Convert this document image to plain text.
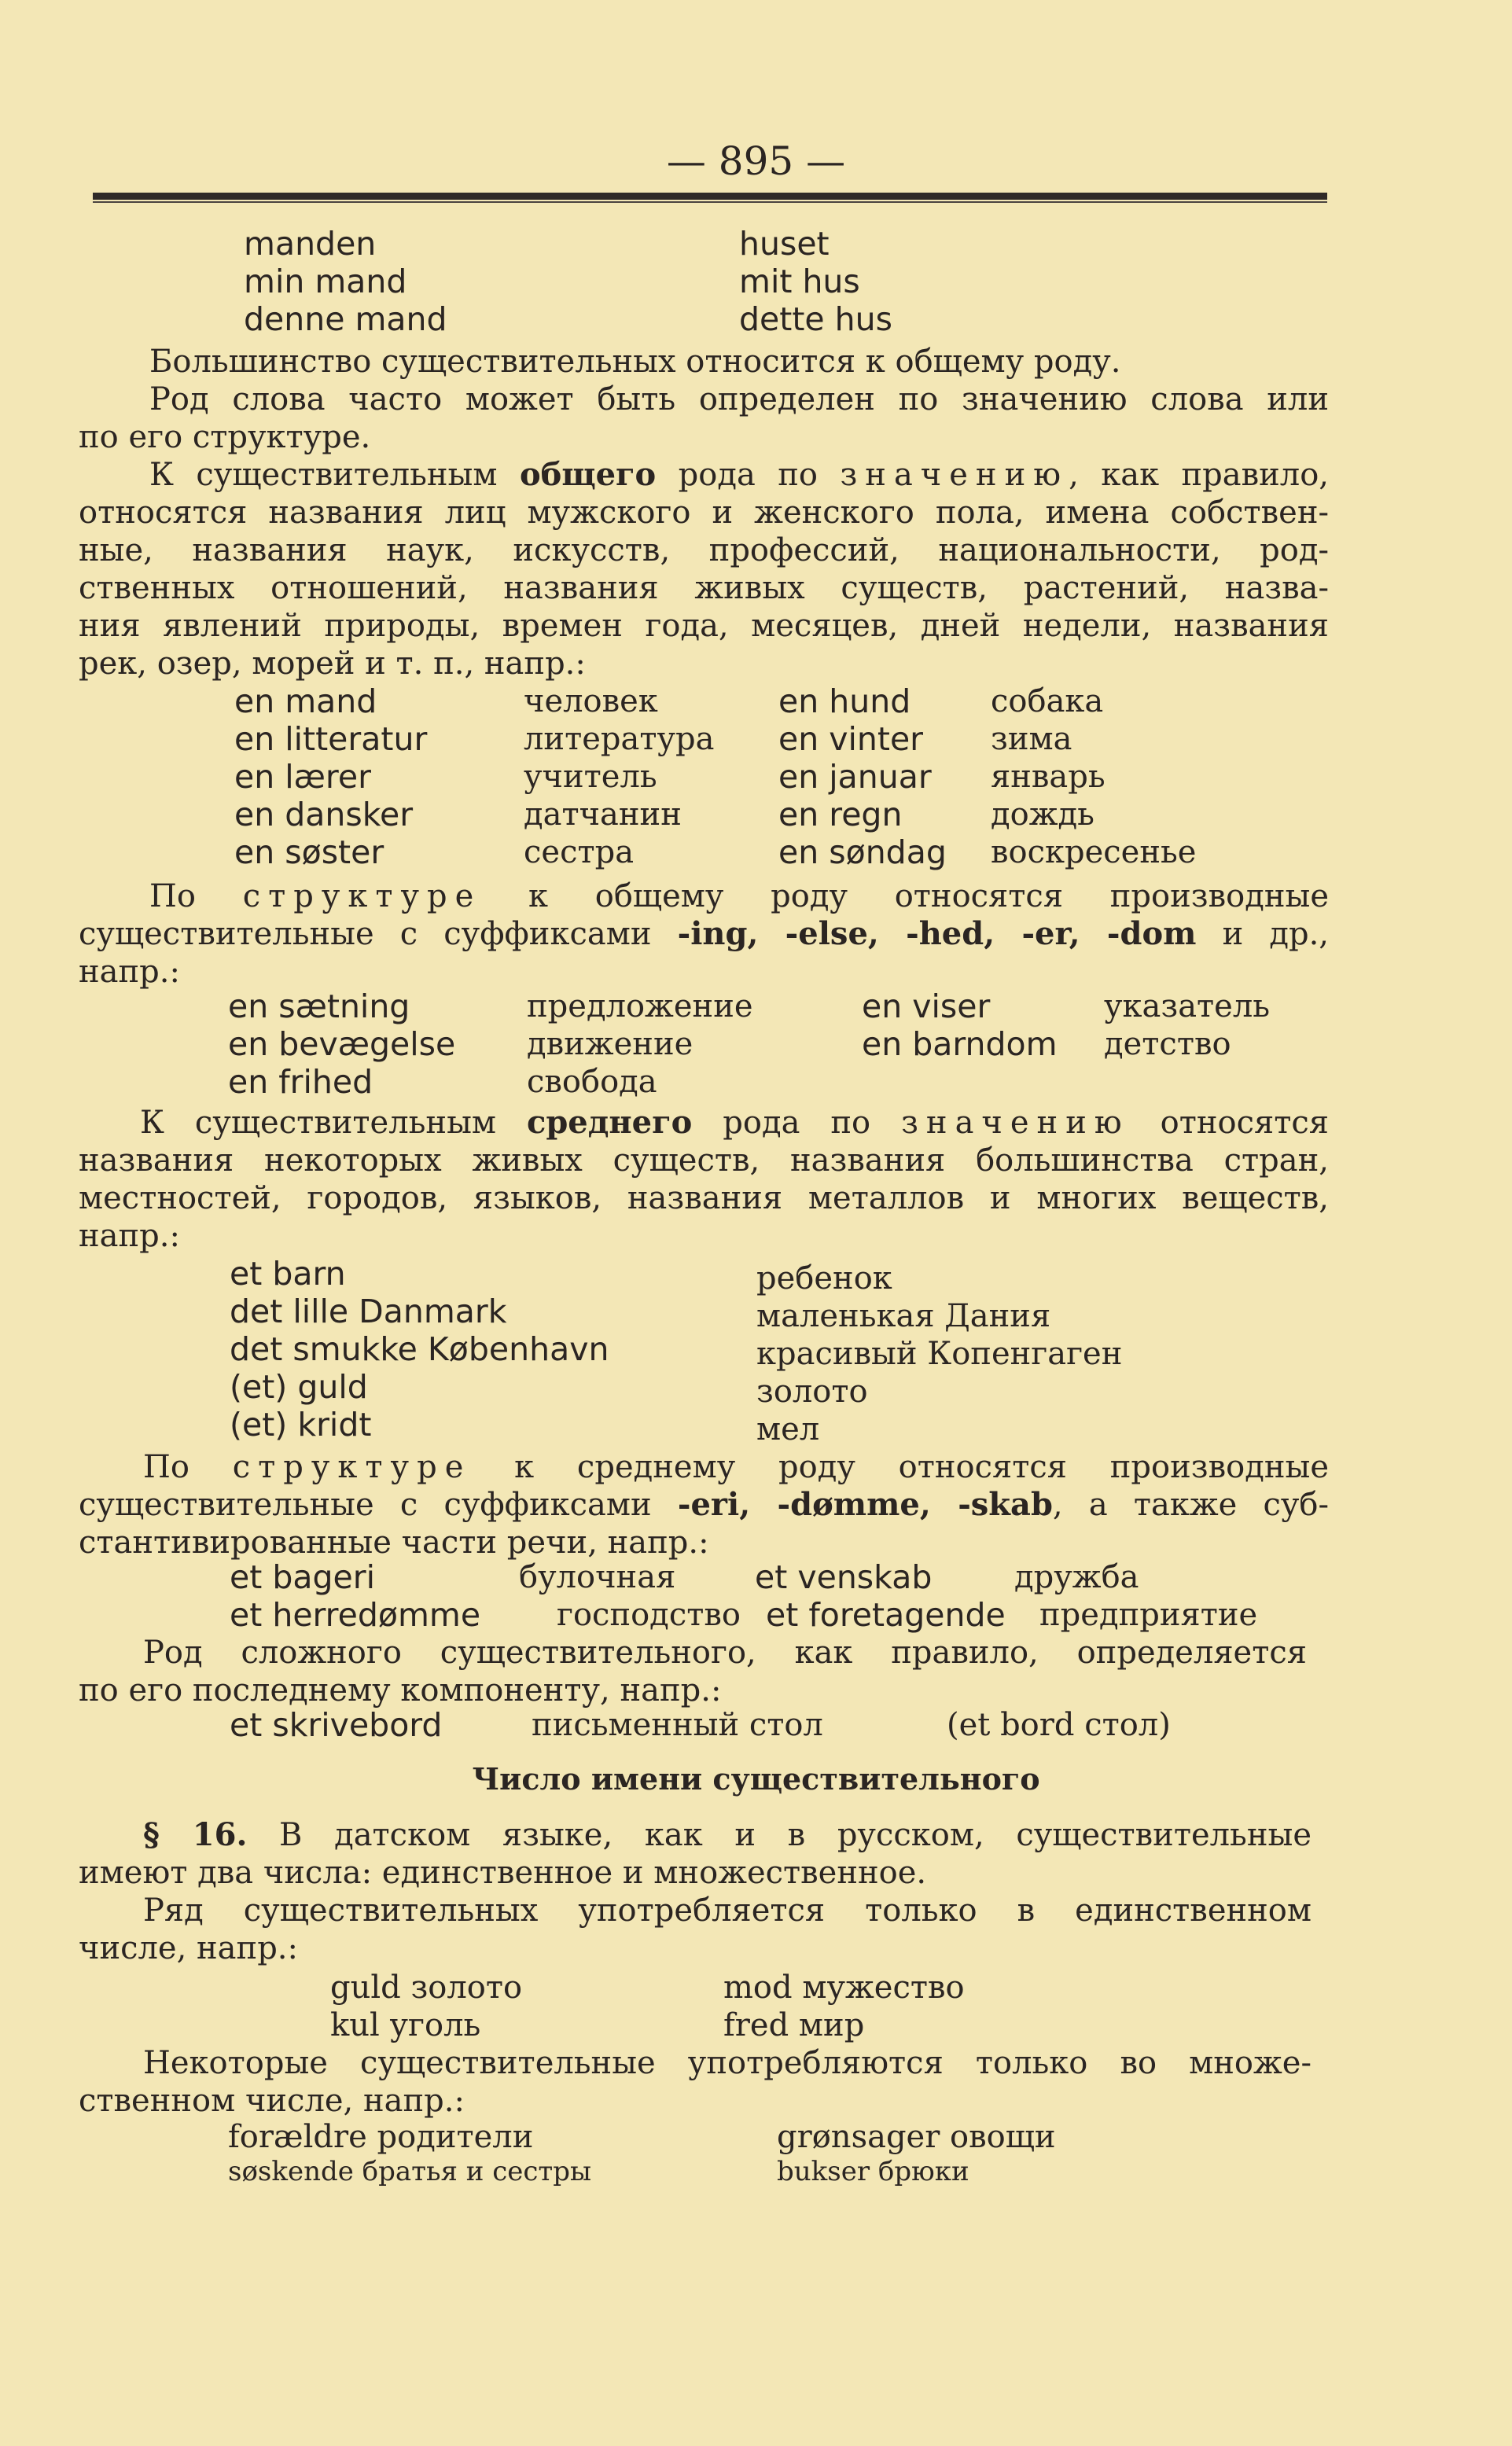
— 895 —
manden	huset
min mand	mit hus
denne mand	dette hus
Большинство существительных относится к общему роду.
Род слова часто может быть определен по значению слова или
по его структуре.
К существительным общего рода по значению, как правило,
относятся названия лиц мужского и женского пола, имена собствен-
ные, названия наук, искусств, профессий, национальности, род-
ственных отношений, названия живых существ, растений, назва-
ния явлений природы, времен года, месяцев, дней недели, названия
рек, озер, морей и т. п., напр.:
en mand	человек	en hund	собака
en litteratur	литература en vinter зима
en lærer	учитель	en januar январь
en dansker	датчанин	en regn	дождь
en søster	сестра	en søndag воскресенье
По структуре к общему роду относятся производные
существительные с суффиксами -ing, -else, -hed, -er, -dom и др.,
напр.:
en sætning	предложение	en viser	указатель
en bevægelse движение	en barndom детство
en frihed	свобода
К существительным среднего рода по значению относятся
названия некоторых живых существ, названия большинства стран,
местностей, городов, языков, названия металлов и многих веществ,
напр.:
et barn	ребенок
det lille Danmark	маленькая Дания
det smukke København	красивый Копенгаген
(et) guld	золото
(et) kridt	мел
По структуре к среднему роду относятся производные
существительные с суффиксами -eri, -dømme, -skab, а также суб-
стантивированные части речи, напр.:
et bageri	булочная et venskab	дружба
et herredømme господство et foretagende предприятие
Род сложного существительного, как правило, определяется
по его последнему компоненту, напр.:
et skrivebord	письменный стол	(et bord стол)
Число имени существительного
§ 16. В датском языке, как и в русском, существительные
имеют два числа: единственное и множественное.
Ряд существительных употребляется только в единственном
числе, напр.:
guld золото	mod мужество
kul уголь	fred мир
Некоторые существительные употребляются только во множе-
ственном числе, напр.:
forældre родители	grønsager овощи
søskende братья и сестры	bukser брюки
